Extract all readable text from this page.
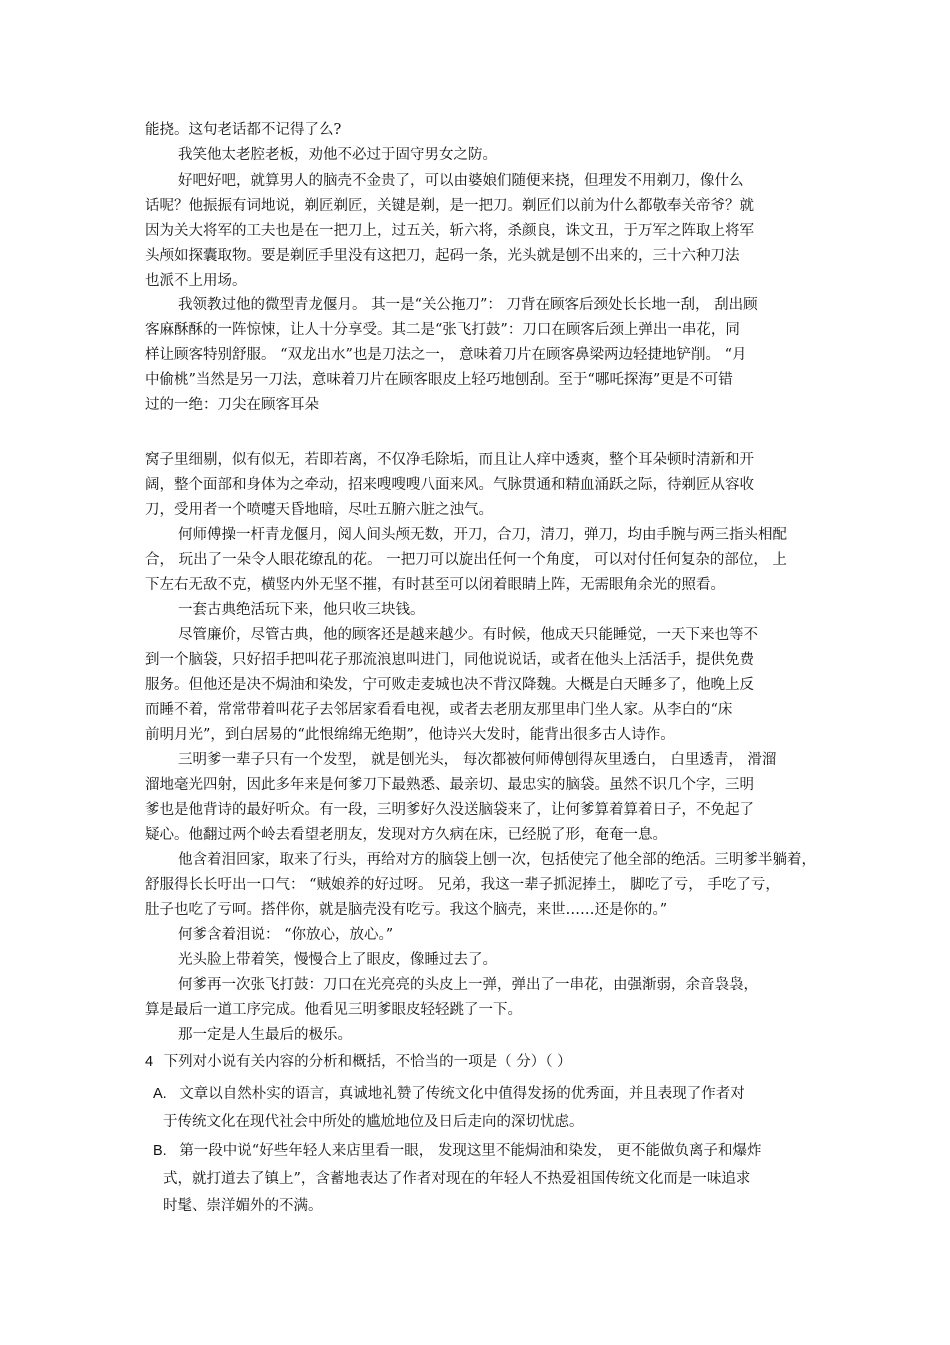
能挠。这句老话都不记得了么?
我笑他太老腔老板，劝他不必过于固守男女之防。
好吧好吧，就算男人的脑壳不金贵了，可以由婆娘们随便来挠，但理发不用剃刀，像什么
话呢？他振振有词地说，剃匠剃匠，关键是剃，是一把刀。剃匠们以前为什么都敬奉关帝爷？就
因为关大将军的工夫也是在一把刀上，过五关，斩六将，杀颜良，诛文丑，于万军之阵取上将军
头颅如探囊取物。要是剃匠手里没有这把刀，起码一条，光头就是刨不出来的，三十六种刀法
也派不上用场。
我领教过他的微型青龙偃月。 其一是“关公拖刀”： 刀背在顾客后颈处长长地一刮， 刮出顾
客麻酥酥的一阵惊悚，让人十分享受。其二是“张飞打鼓”：刀口在顾客后颈上弹出一串花，同
样让顾客特别舒服。 “双龙出水”也是刀法之一， 意味着刀片在顾客鼻梁两边轻捷地铲削。 “月
中偷桃”当然是另一刀法，意味着刀片在顾客眼皮上轻巧地刨刮。至于“哪吒探海”更是不可错
过的一绝：刀尖在顾客耳朵
窝子里细剔，似有似无，若即若离，不仅净毛除垢，而且让人痒中透爽，整个耳朵顿时清新和开
阔，整个面部和身体为之牵动，招来嗖嗖嗖八面来风。气脉贯通和精血涌跃之际，待剃匠从容收
刀，受用者一个喷嚏天昏地暗，尽吐五腑六脏之浊气。
何师傅操一杆青龙偃月，阅人间头颅无数，开刀，合刀，清刀，弹刀，均由手腕与两三指头相配
合， 玩出了一朵令人眼花缭乱的花。 一把刀可以旋出任何一个角度， 可以对付任何复杂的部位， 上
下左右无敌不克，横竖内外无坚不摧，有时甚至可以闭着眼睛上阵，无需眼角余光的照看。
一套古典绝活玩下来，他只收三块钱。
尽管廉价，尽管古典，他的顾客还是越来越少。有时候，他成天只能睡觉，一天下来也等不
到一个脑袋，只好招手把叫花子那流浪崽叫进门，同他说说话，或者在他头上活活手，提供免费
服务。但他还是决不焗油和染发，宁可败走麦城也决不背汉降魏。大概是白天睡多了，他晚上反
而睡不着，常常带着叫花子去邻居家看看电视，或者去老朋友那里串门坐人家。从李白的“床
前明月光”，到白居易的“此恨绵绵无绝期”，他诗兴大发时，能背出很多古人诗作。
三明爹一辈子只有一个发型， 就是刨光头， 每次都被何师傅刨得灰里透白， 白里透青， 滑溜
溜地毫光四射，因此多年来是何爹刀下最熟悉、最亲切、最忠实的脑袋。虽然不识几个字，三明
爹也是他背诗的最好听众。有一段，三明爹好久没送脑袋来了，让何爹算着算着日子，不免起了
疑心。他翻过两个岭去看望老朋友，发现对方久病在床，已经脱了形，奄奄一息。
他含着泪回家，取来了行头，再给对方的脑袋上刨一次，包括使完了他全部的绝活。三明爹半躺着，
舒服得长长吁出一口气： “贼娘养的好过呀。 兄弟，我这一辈子抓泥捧土， 脚吃了亏， 手吃了亏，
肚子也吃了亏呵。搭伴你，就是脑壳没有吃亏。我这个脑壳，来世……还是你的。”
何爹含着泪说： “你放心，放心。”
光头脸上带着笑，慢慢合上了眼皮，像睡过去了。
何爹再一次张飞打鼓：刀口在光亮亮的头皮上一弹，弹出了一串花，由强渐弱，余音袅袅，
算是最后一道工序完成。他看见三明爹眼皮轻轻跳了一下。
那一定是人生最后的极乐。
4 下列对小说有关内容的分析和概括，不恰当的一项是（ 分）（ ）
A. 文章以自然朴实的语言，真诚地礼赞了传统文化中值得发扬的优秀面，并且表现了作者对
于传统文化在现代社会中所处的尴尬地位及日后走向的深切忧虑。
B. 第一段中说“好些年轻人来店里看一眼， 发现这里不能焗油和染发， 更不能做负离子和爆炸
式，就打道去了镇上”，含蓄地表达了作者对现在的年轻人不热爱祖国传统文化而是一味追求
时髦、崇洋媚外的不满。
